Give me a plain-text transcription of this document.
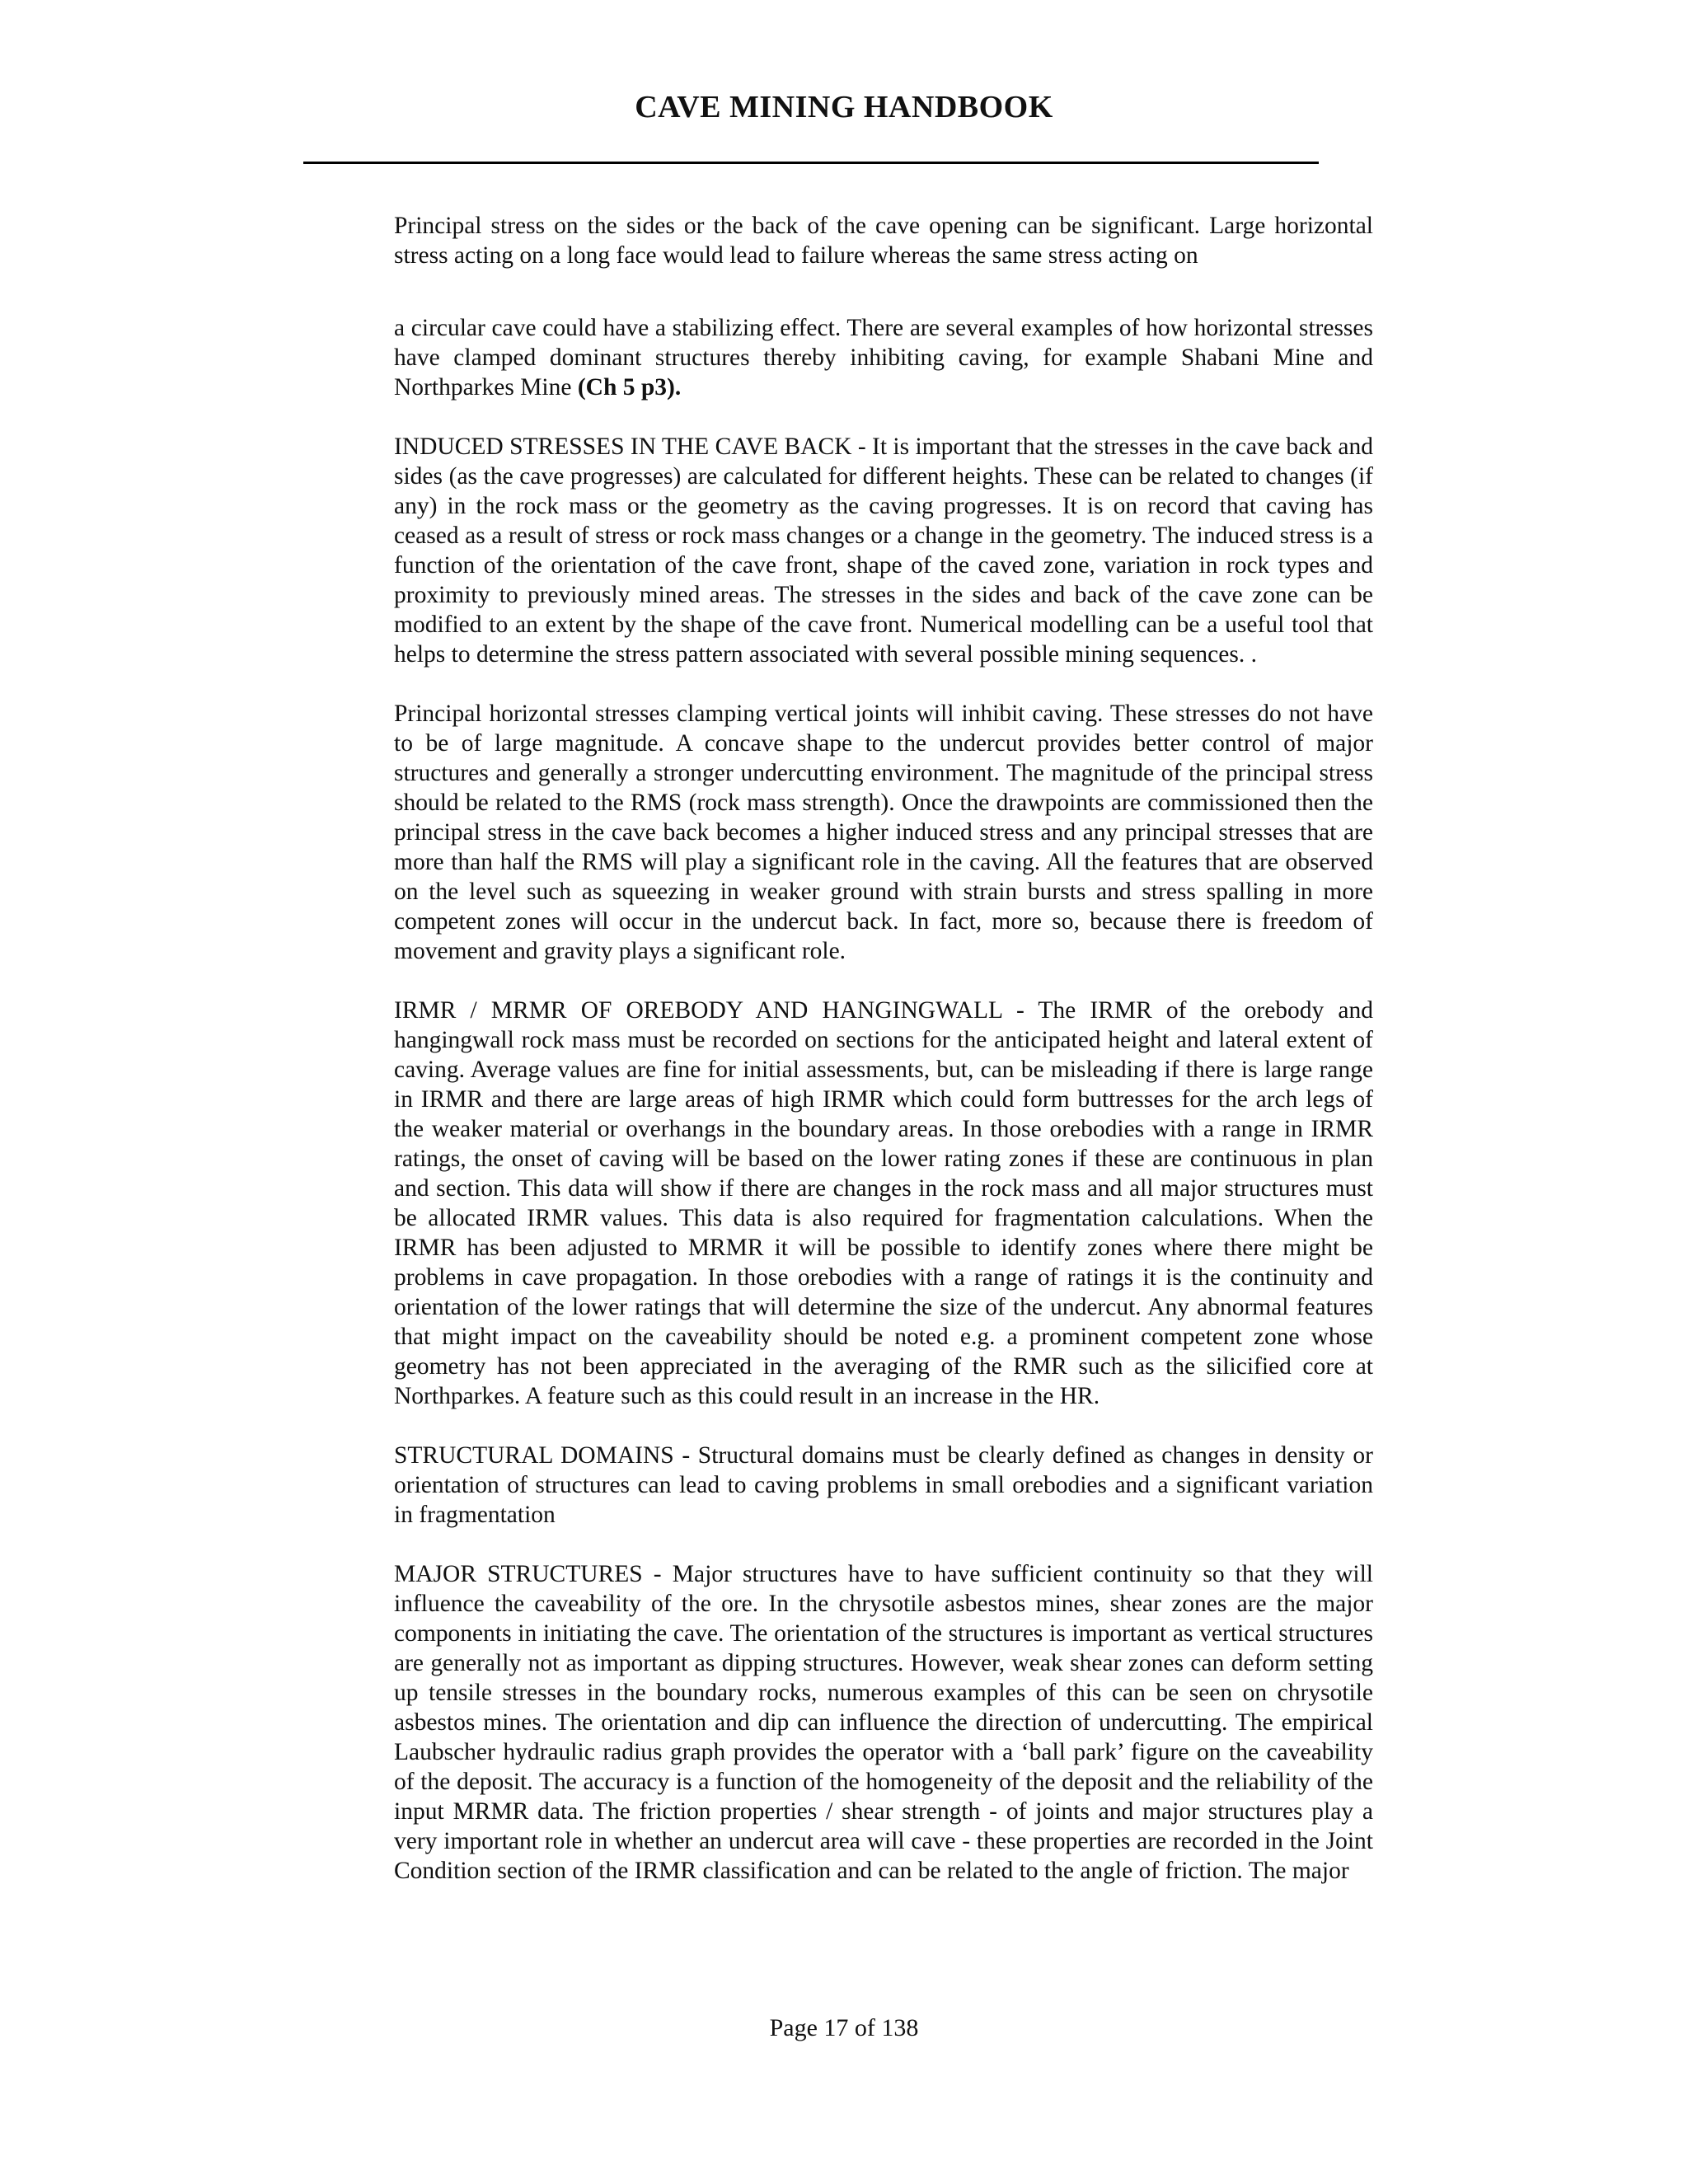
CAVE MINING HANDBOOK

Principal stress on the sides or the back of the cave opening can be significant. Large horizontal stress acting on a long face would lead to failure whereas the same stress acting on

a circular cave could have a stabilizing effect. There are several examples of how horizontal stresses have clamped dominant structures thereby inhibiting caving, for example Shabani Mine and Northparkes Mine (Ch 5 p3).

INDUCED STRESSES IN THE CAVE BACK - It is important that the stresses in the cave back and sides (as the cave progresses) are calculated for different heights. These can be related to changes (if any) in the rock mass or the geometry as the caving progresses. It is on record that caving has ceased as a result of stress or rock mass changes or a change in the geometry. The induced stress is a function of the orientation of the cave front, shape of the caved zone, variation in rock types and proximity to previously mined areas. The stresses in the sides and back of the cave zone can be modified to an extent by the shape of the cave front. Numerical modelling can be a useful tool that helps to determine the stress pattern associated with several possible mining sequences. .

Principal horizontal stresses clamping vertical joints will inhibit caving. These stresses do not have to be of large magnitude. A concave shape to the undercut provides better control of major structures and generally a stronger undercutting environment. The magnitude of the principal stress should be related to the RMS (rock mass strength). Once the drawpoints are commissioned then the principal stress in the cave back becomes a higher induced stress and any principal stresses that are more than half the RMS will play a significant role in the caving. All the features that are observed on the level such as squeezing in weaker ground with strain bursts and stress spalling in more competent zones will occur in the undercut back. In fact, more so, because there is freedom of movement and gravity plays a significant role.

IRMR / MRMR OF OREBODY AND HANGINGWALL - The IRMR of the orebody and hangingwall rock mass must be recorded on sections for the anticipated height and lateral extent of caving. Average values are fine for initial assessments, but, can be misleading if there is large range in IRMR and there are large areas of high IRMR which could form buttresses for the arch legs of the weaker material or overhangs in the boundary areas. In those orebodies with a range in IRMR ratings, the onset of caving will be based on the lower rating zones if these are continuous in plan and section. This data will show if there are changes in the rock mass and all major structures must be allocated IRMR values. This data is also required for fragmentation calculations. When the IRMR has been adjusted to MRMR it will be possible to identify zones where there might be problems in cave propagation. In those orebodies with a range of ratings it is the continuity and orientation of the lower ratings that will determine the size of the undercut. Any abnormal features that might impact on the caveability should be noted e.g. a prominent competent zone whose geometry has not been appreciated in the averaging of the RMR such as the silicified core at Northparkes. A feature such as this could result in an increase in the HR.

STRUCTURAL DOMAINS - Structural domains must be clearly defined as changes in density or orientation of structures can lead to caving problems in small orebodies and a significant variation in fragmentation

MAJOR STRUCTURES - Major structures have to have sufficient continuity so that they will influence the caveability of the ore. In the chrysotile asbestos mines, shear zones are the major components in initiating the cave. The orientation of the structures is important as vertical structures are generally not as important as dipping structures. However, weak shear zones can deform setting up tensile stresses in the boundary rocks, numerous examples of this can be seen on chrysotile asbestos mines. The orientation and dip can influence the direction of undercutting. The empirical Laubscher hydraulic radius graph provides the operator with a ‘ball park’ figure on the caveability of the deposit. The accuracy is a function of the homogeneity of the deposit and the reliability of the input MRMR data. The friction properties / shear strength - of joints and major structures play a very important role in whether an undercut area will cave - these properties are recorded in the Joint Condition section of the IRMR classification and can be related to the angle of friction. The major

Page 17 of 138
